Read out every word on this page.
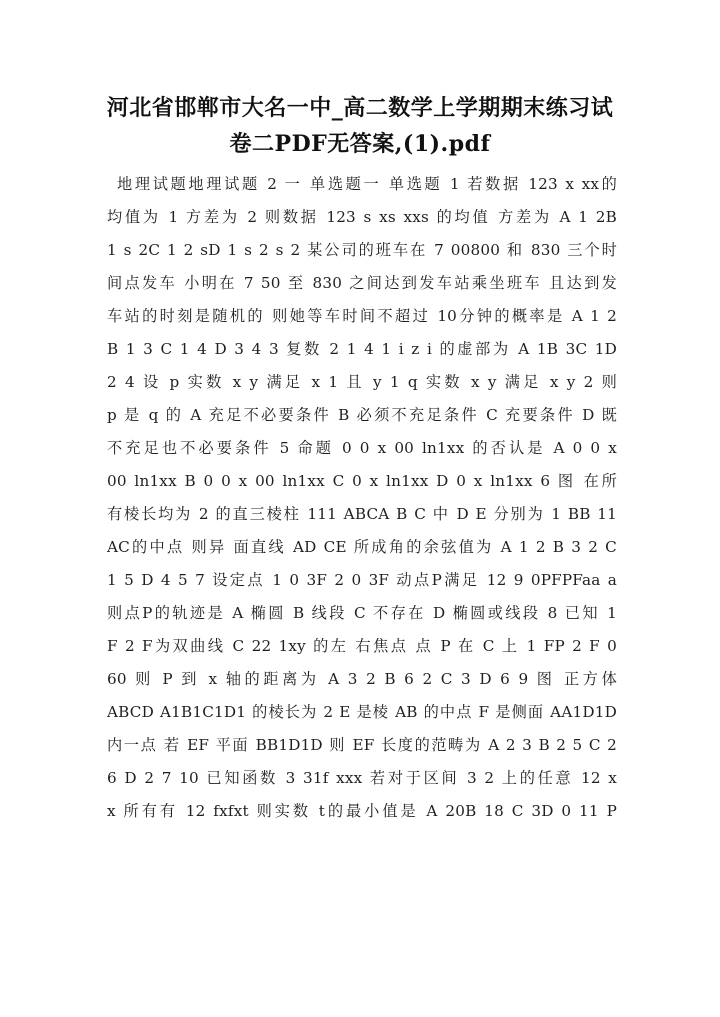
河北省邯郸市大名一中_高二数学上学期期末练习试
卷二PDF无答案,(1).pdf
地理试题地理试题 2 一 单选题一 单选题 1 若数据 123 x xx的
均值为 1 方差为 2 则数据 123 s xs xxs 的均值 方差为 A 1 2B
1 s 2C 1 2 sD 1 s 2 s 2 某公司的班车在 7 00800 和 830 三个时
间点发车 小明在 7 50 至 830 之间达到发车站乘坐班车 且达到发
车站的时刻是随机的 则她等车时间不超过 10分钟的概率是 A 1 2
B 1 3 C 1 4 D 3 4 3 复数 2 1 4 1 i z i 的虚部为 A 1B 3C 1D
2 4 设 p 实数 x y 满足 x 1 且 y 1 q 实数 x y 满足 x y 2 则
p 是 q 的 A 充足不必要条件 B 必须不充足条件 C 充要条件 D 既
不充足也不必要条件 5 命题 0 0 x 00 ln1xx 的否认是 A 0 0 x
00 ln1xx B 0 0 x 00 ln1xx C 0 x ln1xx D 0 x ln1xx 6 图 在所
有棱长均为 2 的直三棱柱 111 ABCA B C 中 D E 分别为 1 BB 11
AC的中点 则异 面直线 AD CE 所成角的余弦值为 A 1 2 B 3 2 C
1 5 D 4 5 7 设定点 1 0 3F 2 0 3F 动点P满足 12 9 0PFPFaa a
则点P的轨迹是 A 椭圆 B 线段 C 不存在 D 椭圆或线段 8 已知 1
F 2 F为双曲线 C 22 1xy 的左 右焦点 点 P 在 C 上 1 FP 2 F 0
60 则 P 到 x 轴的距离为 A 3 2 B 6 2 C 3 D 6 9 图 正方体
ABCD A1B1C1D1 的棱长为 2 E 是棱 AB 的中点 F 是侧面 AA1D1D
内一点 若 EF 平面 BB1D1D 则 EF 长度的范畴为 A 2 3 B 2 5 C 2
6 D 2 7 10 已知函数 3 31f xxx 若对于区间 3 2 上的任意 12 x
x 所有有 12 fxfxt 则实数 t的最小值是 A 20B 18 C 3D 0 11 P
